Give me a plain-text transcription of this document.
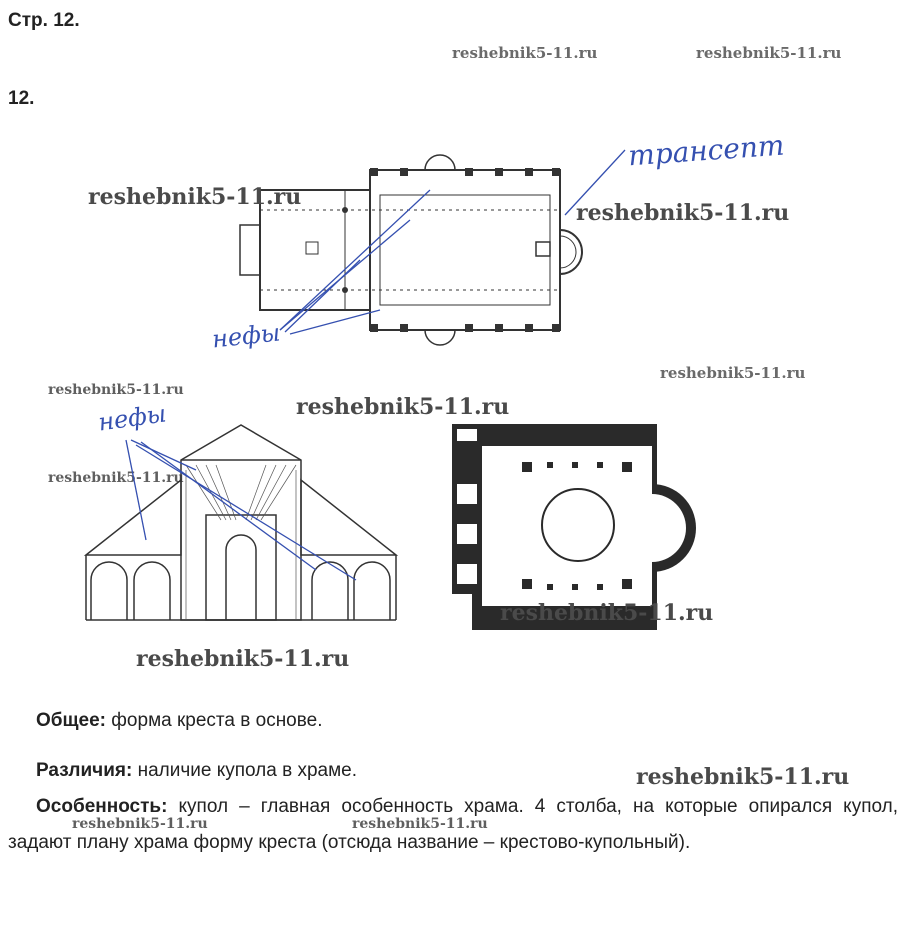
Стр. 12.
12.
reshebnik5-11.ru	reshebnik5-11.ru
трансепт
нефы
reshebnik5-11.ru
reshebnik5-11.ru
reshebnik5-11.ru
reshebnik5-11.ru
reshebnik5-11.ru
reshebnik5-11.ru
нефы
reshebnik5-11.ru
reshebnik5-11.ru
Общее: форма креста в основе.
Различия: наличие купола в храме.	reshebnik5-11.ru
Особенность: купол – главная особенность храма. 4 столба, на которые опирался купол, задают плану храма форму креста (отсюда название – крестово-купольный).
reshebnik5-11.ru	reshebnik5-11.ru
